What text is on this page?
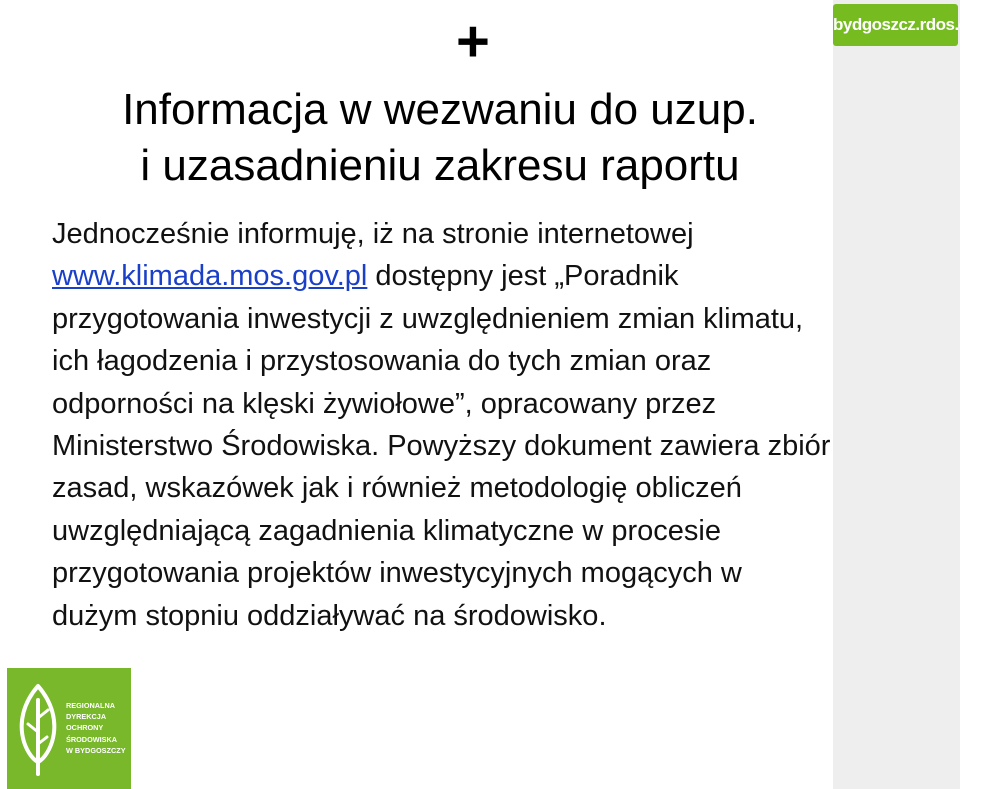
bydgoszcz.rdos.gov.pl
+
Informacja w wezwaniu do uzup.
i uzasadnieniu zakresu raportu

Jednocześnie informuję, iż na stronie internetowej www.klimada.mos.gov.pl dostępny jest „Poradnik przygotowania inwestycji z uwzględnieniem zmian klimatu, ich łagodzenia i przystosowania do tych zmian oraz odporności na klęski żywiołowe”, opracowany przez Ministerstwo Środowiska. Powyższy dokument zawiera zbiór zasad, wskazówek jak i również metodologię obliczeń uwzględniającą zagadnienia klimatyczne w procesie przygotowania projektów inwestycyjnych mogących w dużym stopniu oddziaływać na środowisko.

REGIONALNA
DYREKCJA
OCHRONY
ŚRODOWISKA
W BYDGOSZCZY
